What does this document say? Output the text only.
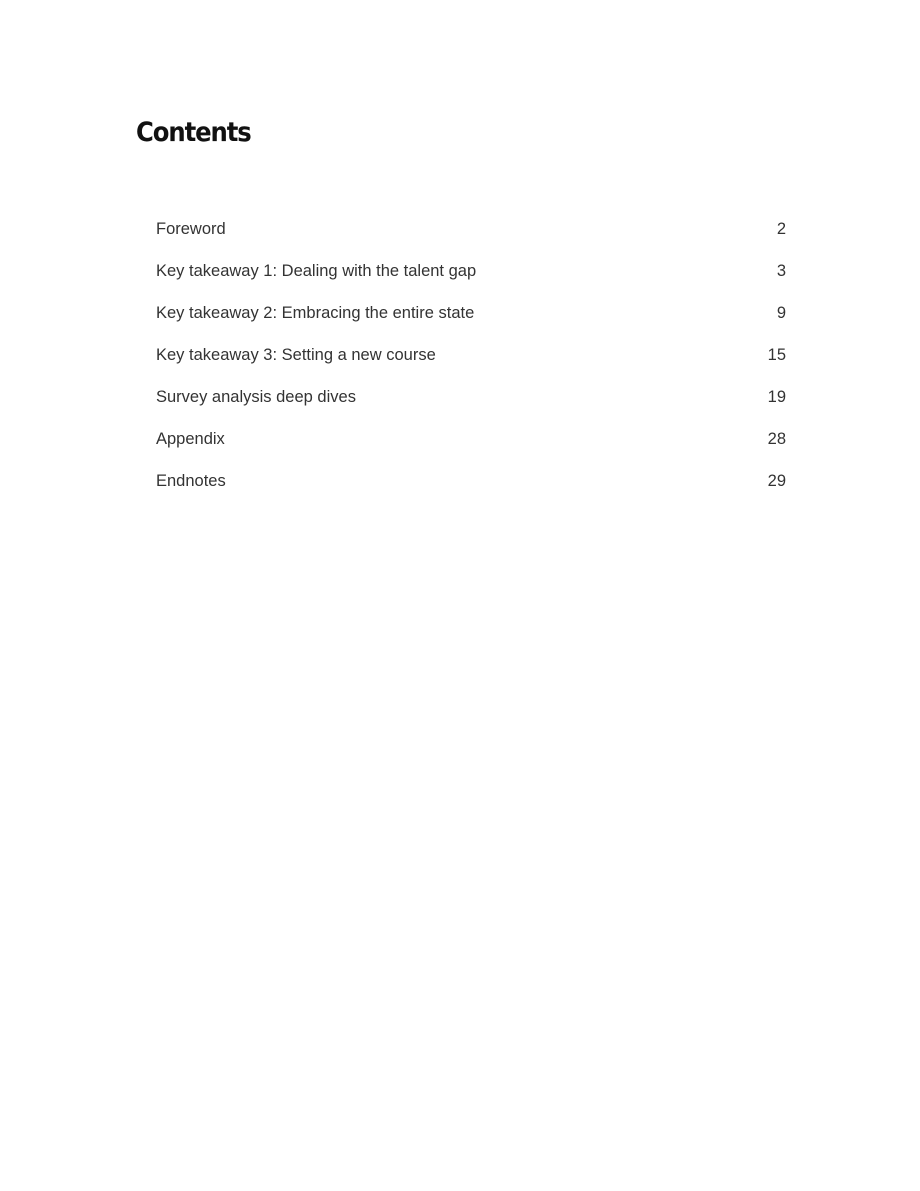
Contents
Foreword	2
Key takeaway 1: Dealing with the talent gap	3
Key takeaway 2: Embracing the entire state	9
Key takeaway 3: Setting a new course	15
Survey analysis deep dives	19
Appendix	28
Endnotes	29
